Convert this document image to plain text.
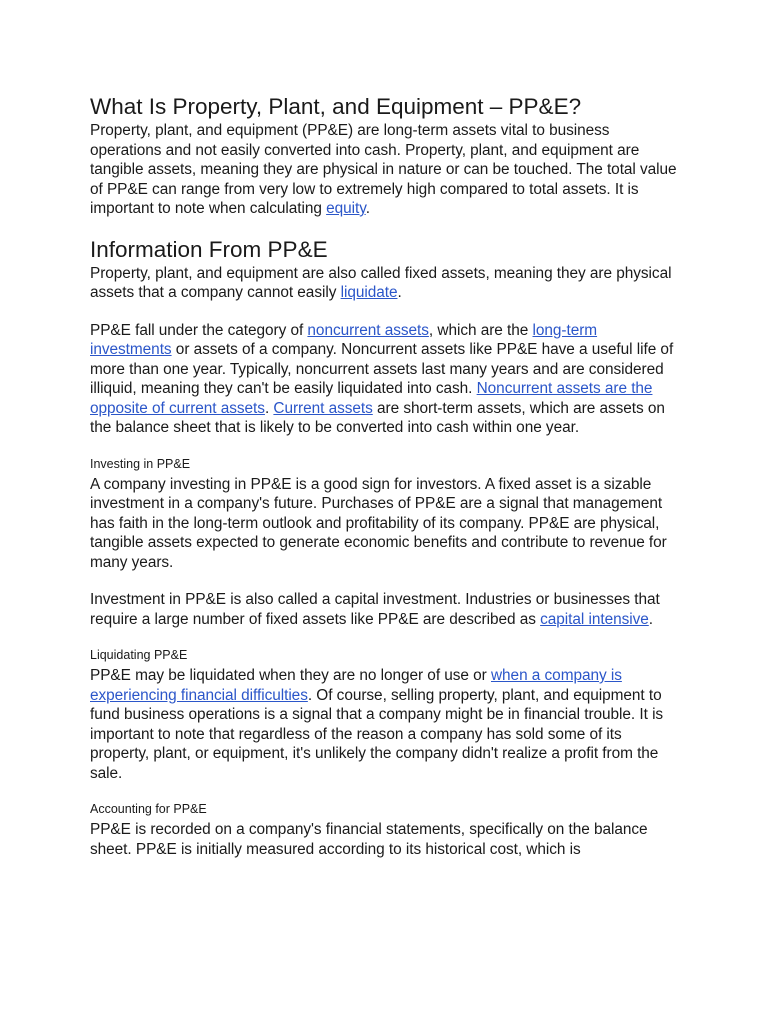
What Is Property, Plant, and Equipment – PP&E?

Property, plant, and equipment (PP&E) are long-term assets vital to business operations and not easily converted into cash. Property, plant, and equipment are tangible assets, meaning they are physical in nature or can be touched. The total value of PP&E can range from very low to extremely high compared to total assets. It is important to note when calculating equity.

Information From PP&E

Property, plant, and equipment are also called fixed assets, meaning they are physical assets that a company cannot easily liquidate.

PP&E fall under the category of noncurrent assets, which are the long-term investments or assets of a company. Noncurrent assets like PP&E have a useful life of more than one year. Typically, noncurrent assets last many years and are considered illiquid, meaning they can't be easily liquidated into cash. Noncurrent assets are the opposite of current assets. Current assets are short-term assets, which are assets on the balance sheet that is likely to be converted into cash within one year.

Investing in PP&E

A company investing in PP&E is a good sign for investors. A fixed asset is a sizable investment in a company's future. Purchases of PP&E are a signal that management has faith in the long-term outlook and profitability of its company. PP&E are physical, tangible assets expected to generate economic benefits and contribute to revenue for many years.

Investment in PP&E is also called a capital investment. Industries or businesses that require a large number of fixed assets like PP&E are described as capital intensive.

Liquidating PP&E

PP&E may be liquidated when they are no longer of use or when a company is experiencing financial difficulties. Of course, selling property, plant, and equipment to fund business operations is a signal that a company might be in financial trouble. It is important to note that regardless of the reason a company has sold some of its property, plant, or equipment, it's unlikely the company didn't realize a profit from the sale.

Accounting for PP&E

PP&E is recorded on a company's financial statements, specifically on the balance sheet. PP&E is initially measured according to its historical cost, which is
